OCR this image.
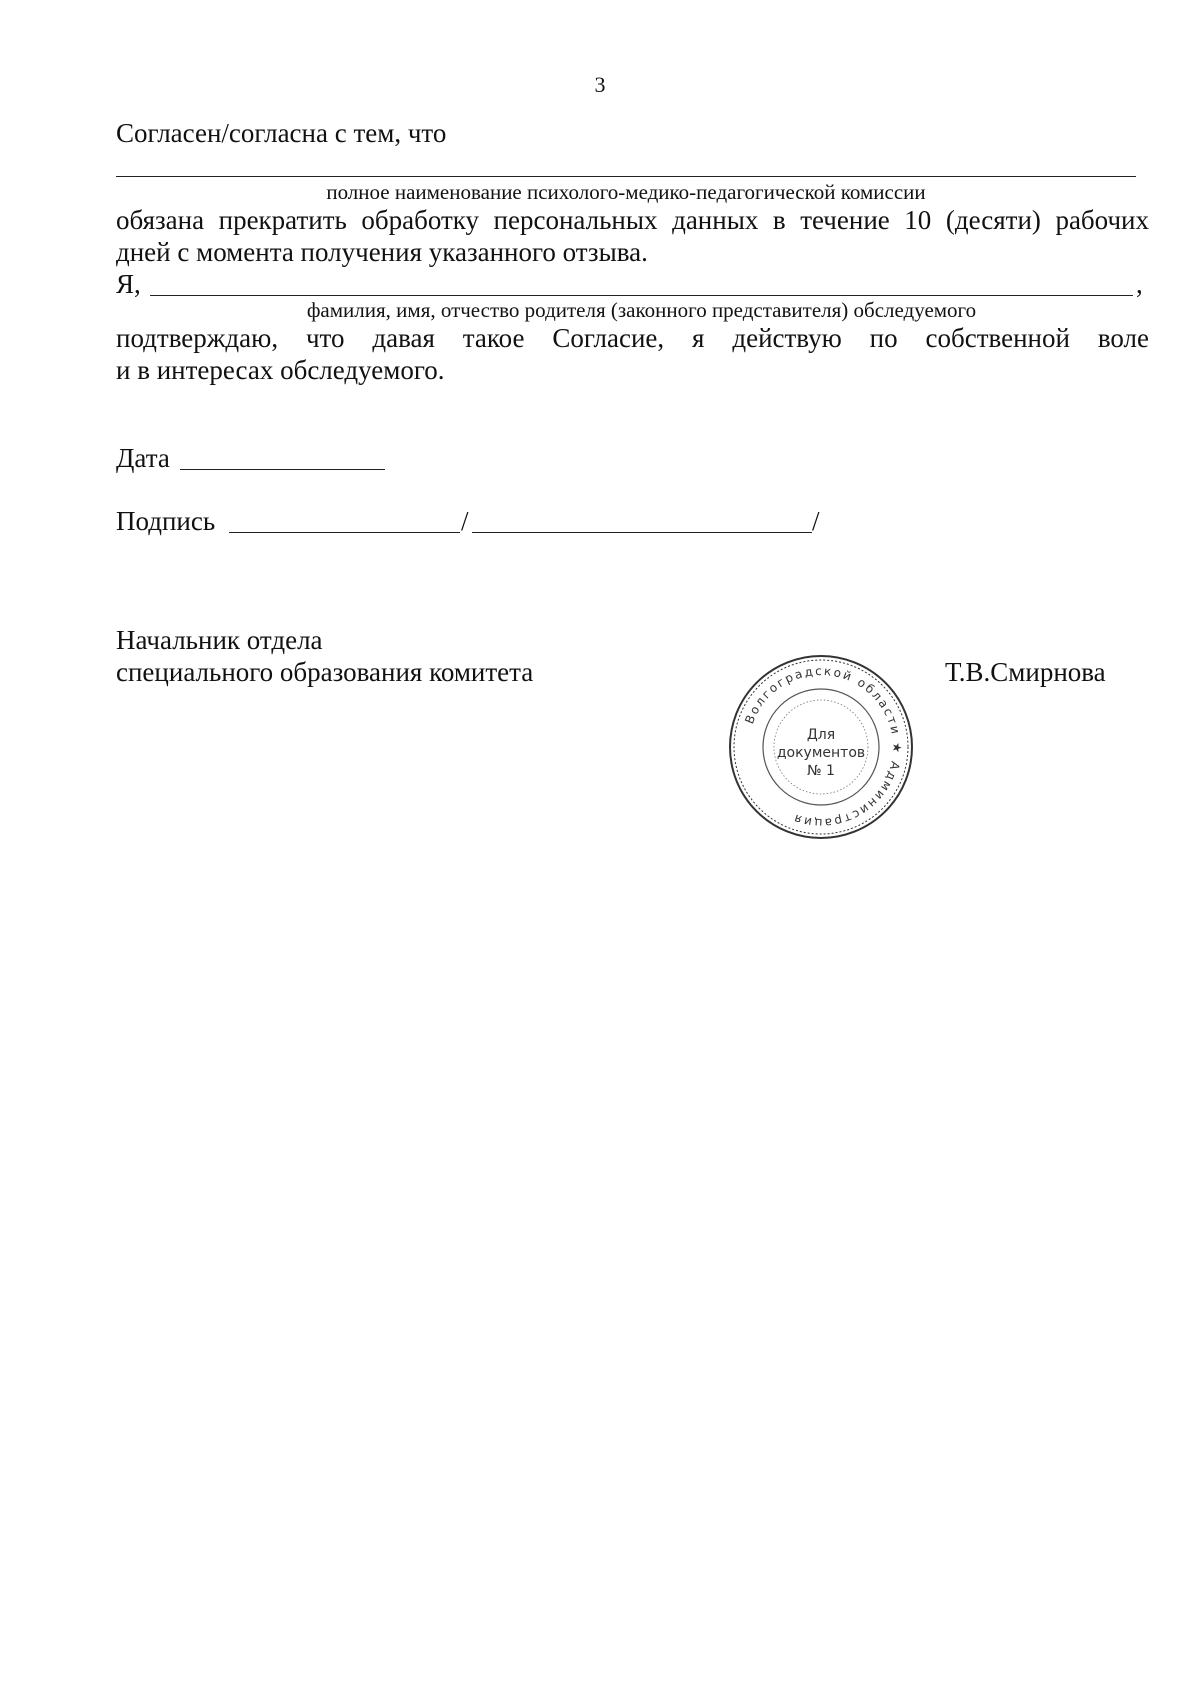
3
Согласен/согласна с тем, что
полное наименование психолого-медико-педагогической комиссии
обязана прекратить обработку персональных данных в течение 10 (десяти) рабочих
дней с момента получения указанного отзыва.
Я,	,
фамилия, имя, отчество родителя (законного представителя) обследуемого
подтверждаю, что давая такое Согласие, я действую по собственной воле
и в интересах обследуемого.
Дата
Подпись	/	/
Начальник отдела
специального образования комитета	Т.В.Смирнова
Волгоградской области ★ Администрация
Для
документов
№ 1
